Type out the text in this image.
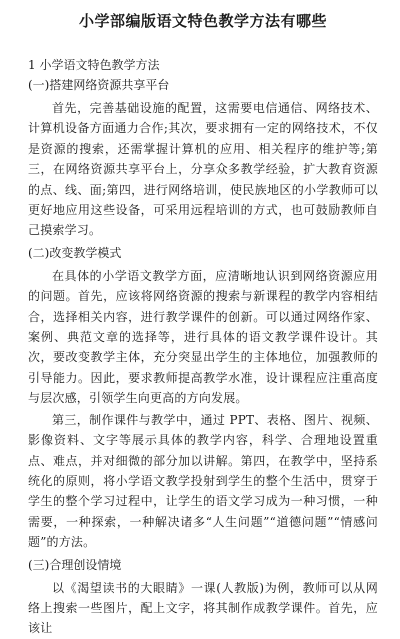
小学部编版语文特色教学方法有哪些
1 小学语文特色教学方法
(一)搭建网络资源共享平台

首先，完善基础设施的配置，这需要电信通信、网络技术、计算机设备方面通力合作;其次，要求拥有一定的网络技术，不仅是资源的搜索，还需掌握计算机的应用、相关程序的维护等;第三，在网络资源共享平台上，分享众多教学经验，扩大教育资源的点、线、面;第四，进行网络培训，使民族地区的小学教师可以更好地应用这些设备，可采用远程培训的方式，也可鼓励教师自己摸索学习。

(二)改变教学模式

在具体的小学语文教学方面，应清晰地认识到网络资源应用的问题。首先，应该将网络资源的搜索与新课程的教学内容相结合，选择相关内容，进行教学课件的创新。可以通过网络作家、案例、典范文章的选择等，进行具体的语文教学课件设计。其次，要改变教学主体，充分突显出学生的主体地位，加强教师的引导能力。因此，要求教师提高教学水准，设计课程应注重高度与层次感，引领学生向更高的方向发展。

第三，制作课件与教学中，通过 PPT、表格、图片、视频、影像资料、文字等展示具体的教学内容，科学、合理地设置重点、难点，并对细微的部分加以讲解。第四，在教学中，坚持系统化的原则，将小学语文教学投射到学生的整个生活中，贯穿于学生的整个学习过程中，让学生的语文学习成为一种习惯，一种需要，一种探索，一种解决诸多“人生问题”“道德问题”“情感问题”的方法。

(三)合理创设情境

以《渴望读书的大眼睛》一课(人教版)为例，教师可以从网络上搜索一些图片，配上文字，将其制作成教学课件。首先，应该让
